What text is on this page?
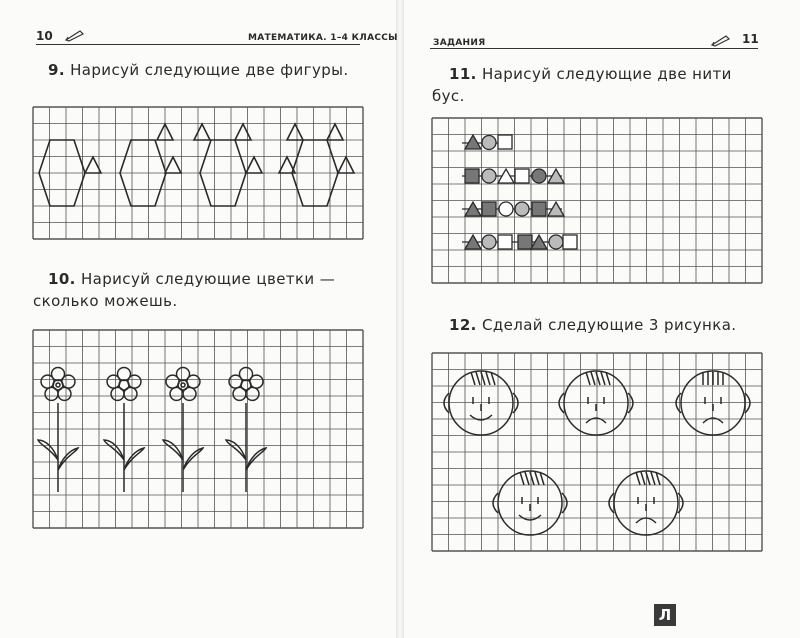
10	МАТЕМАТИКА. 1–4 КЛАССЫ	ЗАДАНИЯ	11
9. Нарисуй следующие две фигуры.
10. Нарисуй следующие цветки —
сколько можешь.
11. Нарисуй следующие две нити
бус.
12. Сделай следующие 3 рисунка.
Л
